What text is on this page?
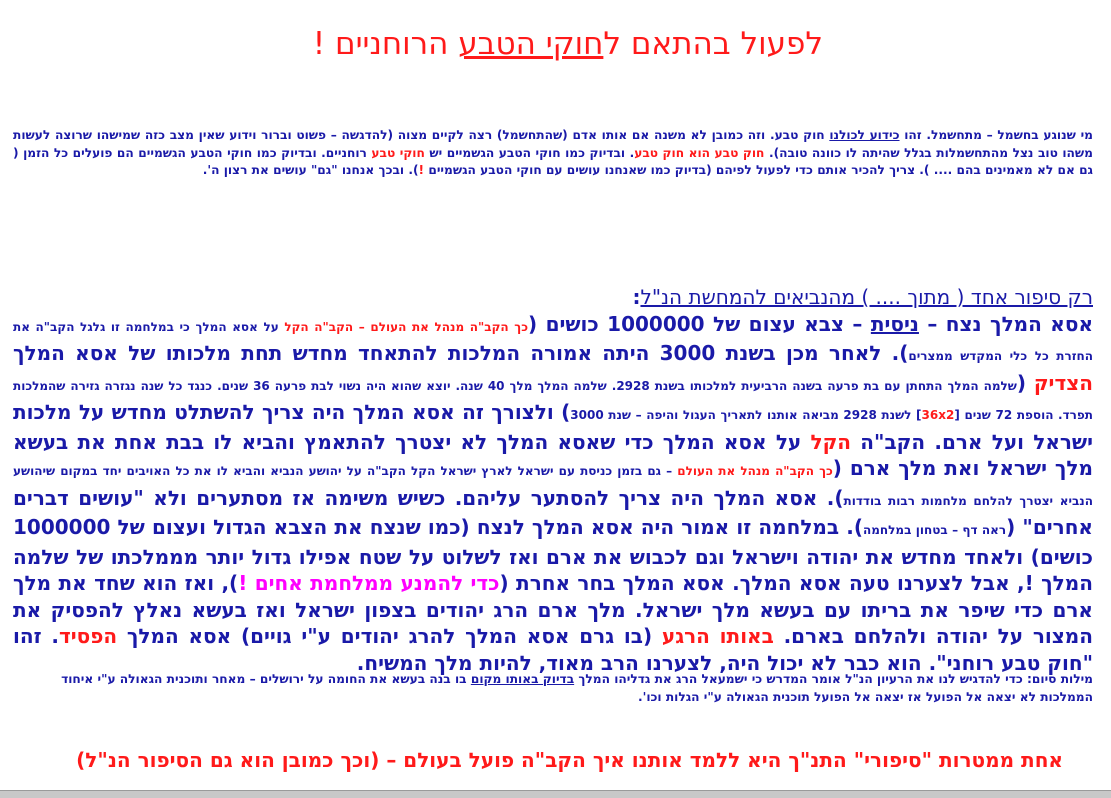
לפעול בהתאם לחוקי הטבע הרוחניים !
מי שנוגע בחשמל – מתחשמל. זהו כידוע לכולנו חוק טבע. וזה כמובן לא משנה אם אותו אדם (שהתחשמל) רצה לקיים מצוה (להדגשה – פשוט וברור וידוע שאין מצב כזה שמישהו שרוצה לעשות משהו טוב נצל מהתחשמלות בגלל שהיתה לו כוונה טובה). חוק טבע הוא חוק טבע. ובדיוק כמו חוקי הטבע הגשמיים יש חוקי טבע רוחניים. ובדיוק כמו חוקי הטבע הגשמיים הם פועלים כל הזמן ( גם אם לא מאמינים בהם .... ). צריך להכיר אותם כדי לפעול לפיהם (בדיוק כמו שאנחנו עושים עם חוקי הטבע הגשמיים !). ובכך אנחנו "גם" עושים את רצון ה'.
רק סיפור אחד ( מתוך .... ) מהנביאים להמחשת הנ"ל:
אסא המלך נצח – ניסית – צבא עצום של 1000000 כושים (כך הקב"ה מנהל את העולם – הקב"ה הקל על אסא המלך כי במלחמה זו גלגל הקב"ה את החזרת כל כלי המקדש ממצרים). לאחר מכן בשנת 3000 היתה אמורה המלכות להתאחד מחדש תחת מלכותו של אסא המלך הצדיק (שלמה המלך התחתן עם בת פרעה בשנה הרביעית למלכותו בשנת 2928. שלמה המלך מלך 40 שנה. יוצא שהוא היה נשוי לבת פרעה 36 שנים. כנגד כל שנה נגזרה גזירה שהמלכות תפרד. הוספת 72 שנים [36x2] לשנת 2928 מביאה אותנו לתאריך העגול והיפה – שנת 3000) ולצורך זה אסא המלך היה צריך להשתלט מחדש על מלכות ישראל ועל ארם. הקב"ה הקל על אסא המלך כדי שאסא המלך לא יצטרך להתאמץ והביא לו בבת אחת את בעשא מלך ישראל ואת מלך ארם (כך הקב"ה מנהל את העולם – גם בזמן כניסת עם ישראל לארץ ישראל הקל הקב"ה על יהושע הנביא והביא לו את כל האויבים יחד במקום שיהושע הנביא יצטרך להלחם מלחמות רבות בודדות). אסא המלך היה צריך להסתער עליהם. כשיש משימה אז מסתערים ולא "עושים דברים אחרים" (ראה דף – בטחון במלחמה). במלחמה זו אמור היה אסא המלך לנצח (כמו שנצח את הצבא הגדול ועצום של 1000000 כושים) ולאחד מחדש את יהודה וישראל וגם לכבוש את ארם ואז לשלוט על שטח אפילו גדול יותר מממלכתו של שלמה המלך !, אבל לצערנו טעה אסא המלך. אסא המלך בחר אחרת (כדי להמנע ממלחמת אחים !), ואז הוא שחד את מלך ארם כדי שיפר את בריתו עם בעשא מלך ישראל. מלך ארם הרג יהודים בצפון ישראל ואז בעשא נאלץ להפסיק את המצור על יהודה ולהלחם בארם. באותו הרגע (בו גרם אסא המלך להרג יהודים ע"י גויים) אסא המלך הפסיד. זהו "חוק טבע רוחני". הוא כבר לא יכול היה, לצערנו הרב מאוד, להיות מלך המשיח.
מילות סיום: כדי להדגיש לנו את הרעיון הנ"ל אומר המדרש כי ישמעאל הרג את גדליהו המלך בדיוק באותו מקום בו בנה בעשא את החומה על ירושלים – מאחר ותוכנית הגאולה ע"י איחוד הממלכות לא יצאה אל הפועל אז יצאה אל הפועל תוכנית הגאולה ע"י הגלות וכו'.
אחת ממטרות "סיפורי" התנ"ך היא ללמד אותנו איך הקב"ה פועל בעולם – (וכך כמובן הוא גם הסיפור הנ"ל)
